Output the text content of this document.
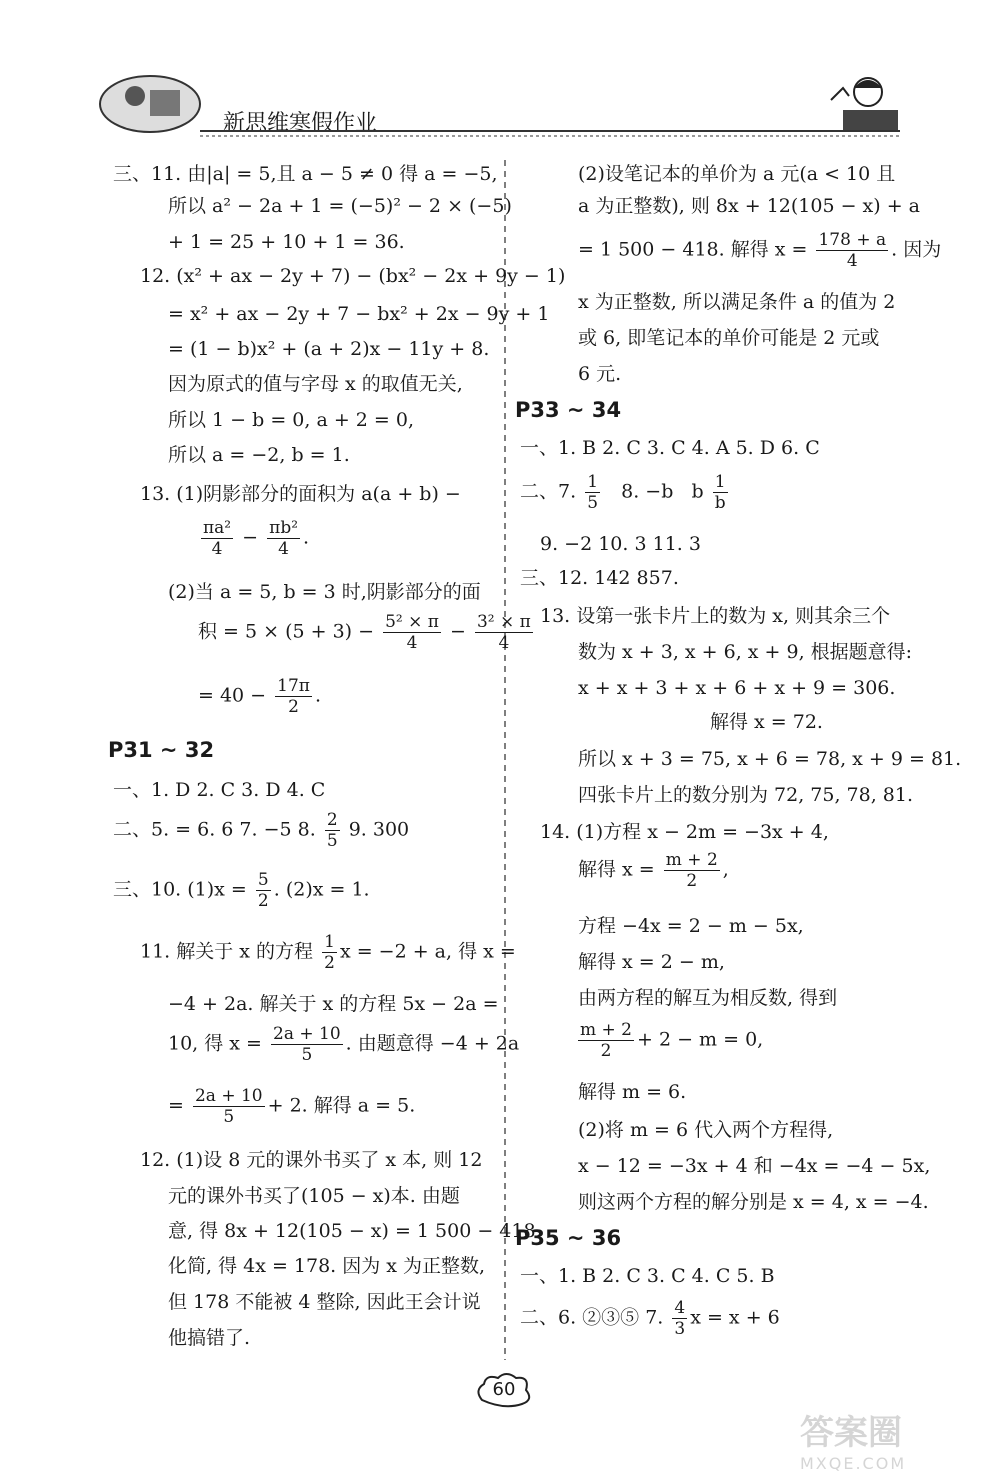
新思维寒假作业
三、11. 由|a| = 5,且 a − 5 ≠ 0 得 a = −5,
所以 a² − 2a + 1 = (−5)² − 2 × (−5)
+ 1 = 25 + 10 + 1 = 36.
12. (x² + ax − 2y + 7) − (bx² − 2x + 9y − 1)
= x² + ax − 2y + 7 − bx² + 2x − 9y + 1
= (1 − b)x² + (a + 2)x − 11y + 8.
因为原式的值与字母 x 的取值无关,
所以 1 − b = 0, a + 2 = 0,
所以 a = −2, b = 1.
13. (1)阴影部分的面积为 a(a + b) −
$\frac{\text{πa²}}{4} - \frac{\text{πb²}}{4}$ .
(2)当 a = 5, b = 3 时,阴影部分的面
积 = $5 \times (5 + 3) - \frac{\text{5² × π}}{4} - \frac{\text{3² × π}}{4}$
= $40 - \frac{17\pi}{2}$ .
P31 ~ 32
一、1. D 2. C 3. D 4. C
二、5. = 6. 6 7. −5 8. $\frac{2}{5} 9$. 300
三、10. $(1)x = \frac{5}{2}$ . (2)x = 1.
11. 解关于 x 的方程 $\frac{1}{2}$ x = −2 + a, 得 x =
−4 + 2a. 解关于 x 的方程 5x − 2a =
10, 得 $x = \frac{2a + 10}{5}$ . 由题意得 −4 + 2a
= $\frac{2a + 10}{5} + 2$. 解得 a = 5.
12. (1)设 8 元的课外书买了 x 本, 则 12
元的课外书买了(105 − x)本. 由题
意, 得 8x + 12(105 − x) = 1 500 − 418.
化简, 得 4x = 178. 因为 x 为正整数,
但 178 不能被 4 整除, 因此王会计说
他搞错了.
(2)设笔记本的单价为 a 元(a < 10 且
a 为正整数), 则 8x + 12(105 − x) + a
= 1 500 − 418. 解得 $x = \frac{178 + a}{4}$ . 因为
x 为正整数, 所以满足条件 a 的值为 2
或 6, 即笔记本的单价可能是 2 元或
6 元.
P33 ~ 34
一、1. B 2. C 3. C 4. A 5. D 6. C
二、7. $\frac{1}{5} 8$. −b   b $\frac{1}{b}$
9. −2 10. 3 11. 3
三、12. 142 857.
13. 设第一张卡片上的数为 x, 则其余三个
数为 x + 3, x + 6, x + 9, 根据题意得:
x + x + 3 + x + 6 + x + 9 = 306.
解得 x = 72.
所以 x + 3 = 75, x + 6 = 78, x + 9 = 81.
四张卡片上的数分别为 72, 75, 78, 81.
14. (1)方程 x − 2m = −3x + 4,
解得 $x = \frac{m + 2}{2}$ ,
方程 −4x = 2 − m − 5x,
解得 x = 2 − m,
由两方程的解互为相反数, 得到
$\frac{m + 2}{2} + 2 - m = 0$,
解得 m = 6.
(2)将 m = 6 代入两个方程得,
x − 12 = −3x + 4 和 −4x = −4 − 5x,
则这两个方程的解分别是 x = 4, x = −4.
P35 ~ 36
一、1. B 2. C 3. C 4. C 5. B
二、6. ②③⑤ 7. $\frac{4}{3}$ x = x + 6
60
答案圈
MXQE.COM
